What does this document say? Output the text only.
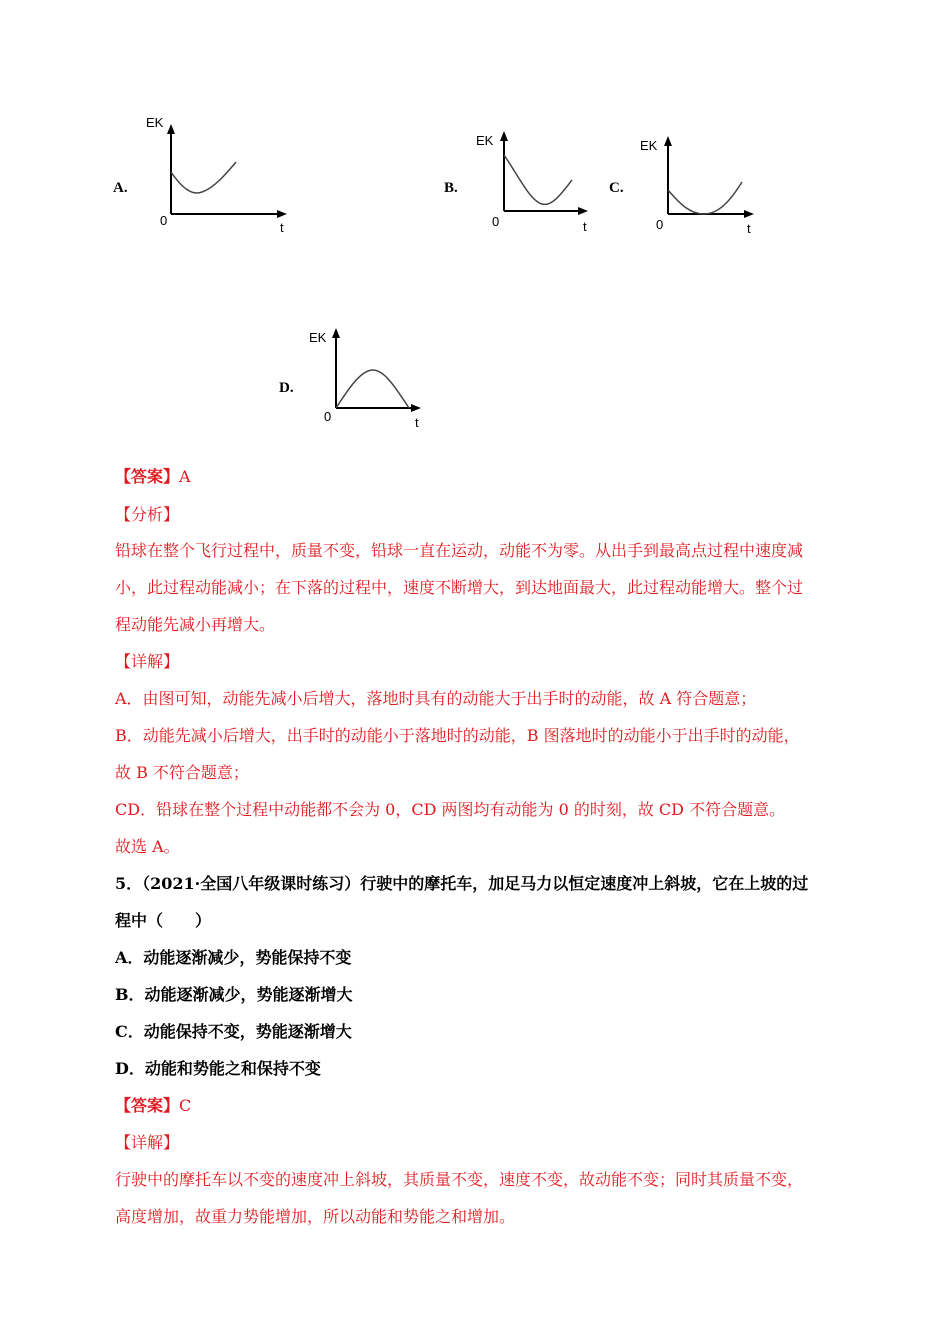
A.
EK
0	t
B.
EK
0	t
C.
EK
0	t
D.
EK
0	t
【答案】A
【分析】
铅球在整个飞行过程中，质量不变，铅球一直在运动，动能不为零。从出手到最高点过程中速度减
小，此过程动能减小；在下落的过程中，速度不断增大，到达地面最大，此过程动能增大。整个过
程动能先减小再增大。
【详解】
A．由图可知，动能先减小后增大，落地时具有的动能大于出手时的动能，故 A 符合题意；
B．动能先减小后增大，出手时的动能小于落地时的动能，B 图落地时的动能小于出手时的动能，
故 B 不符合题意；
CD．铅球在整个过程中动能都不会为 0，CD 两图均有动能为 0 的时刻，故 CD 不符合题意。
故选 A。
5．（2021·全国八年级课时练习）行驶中的摩托车，加足马力以恒定速度冲上斜坡，它在上坡的过
程中（　　）
A．动能逐渐减少，势能保持不变
B．动能逐渐减少，势能逐渐增大
C．动能保持不变，势能逐渐增大
D．动能和势能之和保持不变
【答案】C
【详解】
行驶中的摩托车以不变的速度冲上斜坡，其质量不变，速度不变，故动能不变；同时其质量不变，
高度增加，故重力势能增加，所以动能和势能之和增加。
